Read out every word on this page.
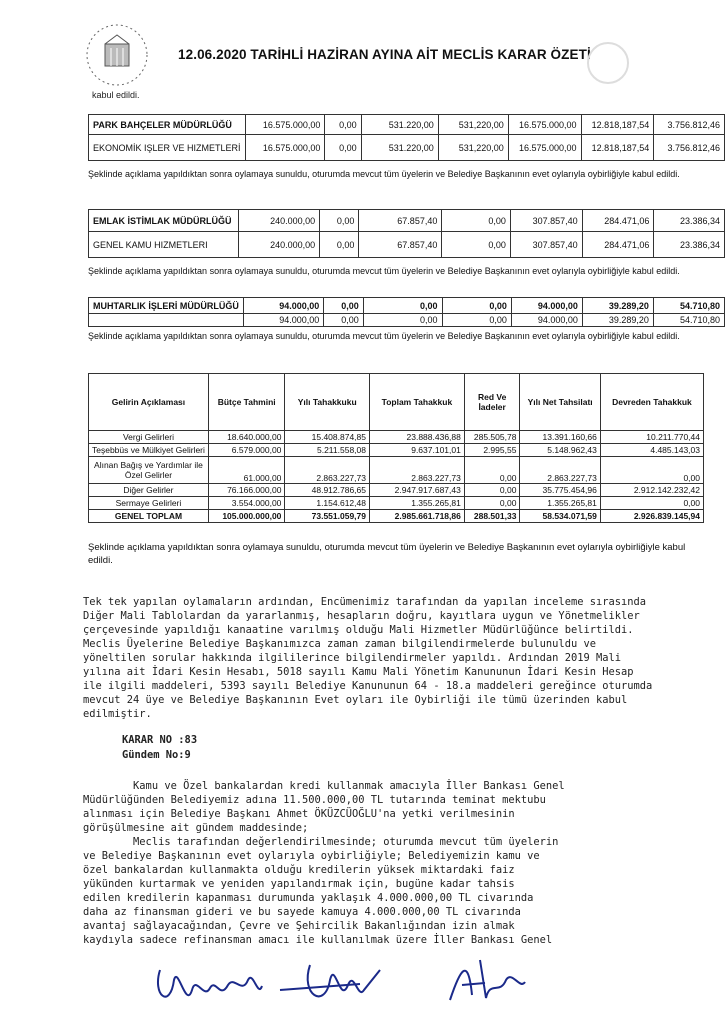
12.06.2020 TARİHLİ HAZİRAN AYINA AİT MECLİS KARAR ÖZETİ
kabul edildi.
PARK BAHÇELER MÜDÜRLÜĞÜ	16.575.000,00	0,00	531.220,00	531,220,00	16.575.000,00	12.818,187,54	3.756.812,46
EKONOMİK IŞLER VE HIZMETLERİ	16.575.000,00	0,00	531.220,00	531,220,00	16.575.000,00	12.818,187,54	3.756.812,46
Şeklinde açıklama yapıldıktan sonra oylamaya sunuldu, oturumda mevcut tüm üyelerin ve Belediye Başkanının evet oylarıyla oybirliğiyle kabul edildi.
EMLAK İSTİMLAK MÜDÜRLÜĞÜ	240.000,00	0,00	67.857,40	0,00	307.857,40	284.471,06	23.386,34
GENEL KAMU HIZMETLERI	240.000,00	0,00	67.857,40	0,00	307.857,40	284.471,06	23.386,34
Şeklinde açıklama yapıldıktan sonra oylamaya sunuldu, oturumda mevcut tüm üyelerin ve Belediye Başkanının evet oylarıyla oybirliğiyle kabul edildi.
MUHTARLIK İŞLERİ MÜDÜRLÜĞÜ	94.000,00	0,00	0,00	0,00	94.000,00	39.289,20	54.710,80
	94.000,00	0,00	0,00	0,00	94.000,00	39.289,20	54.710,80
Şeklinde açıklama yapıldıktan sonra oylamaya sunuldu, oturumda mevcut tüm üyelerin ve Belediye Başkanının evet oylarıyla oybirliğiyle kabul edildi.
Gelirin Açıklaması	Bütçe Tahmini	Yılı Tahakkuku	Toplam Tahakkuk	Red Ve İadeler	Yılı Net Tahsilatı	Devreden Tahakkuk
Vergi Gelirleri	18.640.000,00	15.408.874,85	23.888.436,88	285.505,78	13.391.160,66	10.211.770,44
Teşebbüs ve Mülkiyet Gelirleri	6.579.000,00	5.211.558,08	9.637.101,01	2.995,55	5.148.962,43	4.485.143,03
Alınan Bağış ve Yardımlar ile Özel Gelirler	61.000,00	2.863.227,73	2.863.227,73	0,00	2.863.227,73	0,00
Diğer Gelirler	76.166.000,00	48.912.786,65	2.947.917.687,43	0,00	35.775.454,96	2.912.142.232,42
Sermaye Gelirleri	3.554.000,00	1.154.612,48	1.355.265,81	0,00	1.355.265,81	0,00
GENEL TOPLAM	105.000.000,00	73.551.059,79	2.985.661.718,86	288.501,33	58.534.071,59	2.926.839.145,94
Şeklinde açıklama yapıldıktan sonra oylamaya sunuldu, oturumda mevcut tüm üyelerin ve Belediye Başkanının evet oylarıyla oybirliğiyle kabul edildi.

Tek tek yapılan oylamaların ardından, Encümenimiz tarafından da yapılan inceleme sırasında
Diğer Mali Tablolardan da yararlanmış, hesapların doğru, kayıtlara uygun ve Yönetmelikler
çerçevesinde yapıldığı kanaatine varılmış olduğu Mali Hizmetler Müdürlüğünce belirtildi.
Meclis Üyelerine Belediye Başkanımızca zaman zaman bilgilendirmelerde bulunuldu ve
yöneltilen sorular hakkında ilgililerince bilgilendirmeler yapıldı. Ardından 2019 Mali
yılına ait İdari Kesin Hesabı, 5018 sayılı Kamu Mali Yönetim Kanununun İdari Kesin Hesap
ile ilgili maddeleri, 5393 sayılı Belediye Kanununun 64 - 18.a maddeleri gereğince oturumda
mevcut 24 üye ve Belediye Başkanının Evet oyları ile Oybirliği ile tümü üzerinden kabul
edilmiştir.

KARAR NO :83
Gündem No:9

Kamu ve Özel bankalardan kredi kullanmak amacıyla İller Bankası Genel
Müdürlüğünden Belediyemiz adına 11.500.000,00 TL tutarında teminat mektubu
alınması için Belediye Başkanı Ahmet ÖKÜZCÜOĞLU'na yetki verilmesinin
görüşülmesine ait gündem maddesinde;
Meclis tarafından değerlendirilmesinde; oturumda mevcut tüm üyelerin
ve Belediye Başkanının evet oylarıyla oybirliğiyle; Belediyemizin kamu ve
özel bankalardan kullanmakta olduğu kredilerin yüksek miktardaki faiz
yükünden kurtarmak ve yeniden yapılandırmak için, bugüne kadar tahsis
edilen kredilerin kapanması durumunda yaklaşık 4.000.000,00 TL civarında
daha az finansman gideri ve bu sayede kamuya 4.000.000,00 TL civarında
avantaj sağlayacağından, Çevre ve Şehircilik Bakanlığından izin almak
kaydıyla sadece refinansman amacı ile kullanılmak üzere İller Bankası Genel
